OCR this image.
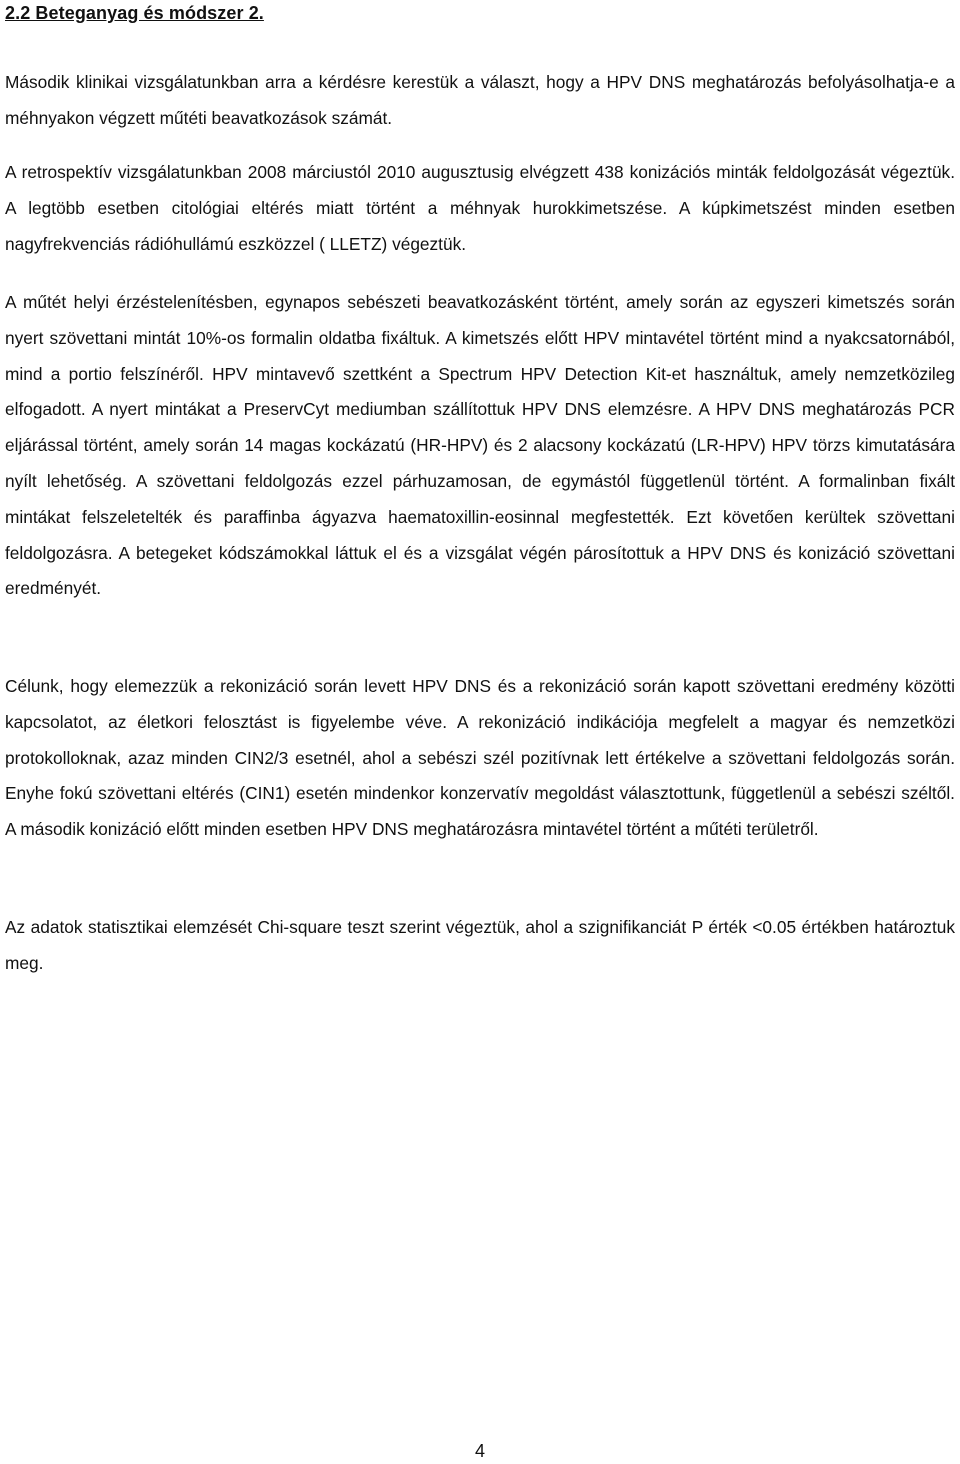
2.2 Beteganyag és módszer 2.

Második klinikai vizsgálatunkban arra a kérdésre kerestük a választ, hogy a HPV DNS meghatározás befolyásolhatja-e a méhnyakon végzett műtéti beavatkozások számát.

A retrospektív vizsgálatunkban 2008 márciustól 2010 augusztusig elvégzett 438 konizációs minták feldolgozását végeztük. A legtöbb esetben citológiai eltérés miatt történt a méhnyak hurokkimetszése. A kúpkimetszést minden esetben nagyfrekvenciás rádióhullámú eszközzel ( LLETZ) végeztük.

A műtét helyi érzéstelenítésben, egynapos sebészeti beavatkozásként történt, amely során az egyszeri kimetszés során nyert szövettani mintát 10%-os formalin oldatba fixáltuk. A kimetszés előtt HPV mintavétel történt mind a nyakcsatornából, mind a portio felszínéről. HPV mintavevő szettként a Spectrum HPV Detection Kit-et használtuk, amely nemzetközileg elfogadott. A nyert mintákat a PreservCyt mediumban szállítottuk HPV DNS elemzésre. A HPV DNS meghatározás PCR eljárással történt, amely során 14 magas kockázatú (HR-HPV) és 2 alacsony kockázatú (LR-HPV) HPV törzs kimutatására nyílt lehetőség. A szövettani feldolgozás ezzel párhuzamosan, de egymástól függetlenül történt. A formalinban fixált mintákat felszeletelték és paraffinba ágyazva haematoxillin-eosinnal megfestették. Ezt követően kerültek szövettani feldolgozásra. A betegeket kódszámokkal láttuk el és a vizsgálat végén párosítottuk a HPV DNS és konizáció szövettani eredményét.

Célunk, hogy elemezzük a rekonizáció során levett HPV DNS és a rekonizáció során kapott szövettani eredmény közötti kapcsolatot, az életkori felosztást is figyelembe véve. A rekonizáció indikációja megfelelt a magyar és nemzetközi protokolloknak, azaz minden CIN2/3 esetnél, ahol a sebészi szél pozitívnak lett értékelve a szövettani feldolgozás során. Enyhe fokú szövettani eltérés (CIN1) esetén mindenkor konzervatív megoldást választottunk, függetlenül a sebészi széltől. A második konizáció előtt minden esetben HPV DNS meghatározásra mintavétel történt a műtéti területről.

Az adatok statisztikai elemzését Chi-square teszt szerint végeztük, ahol a szignifikanciát P érték <0.05 értékben határoztuk meg.

4
